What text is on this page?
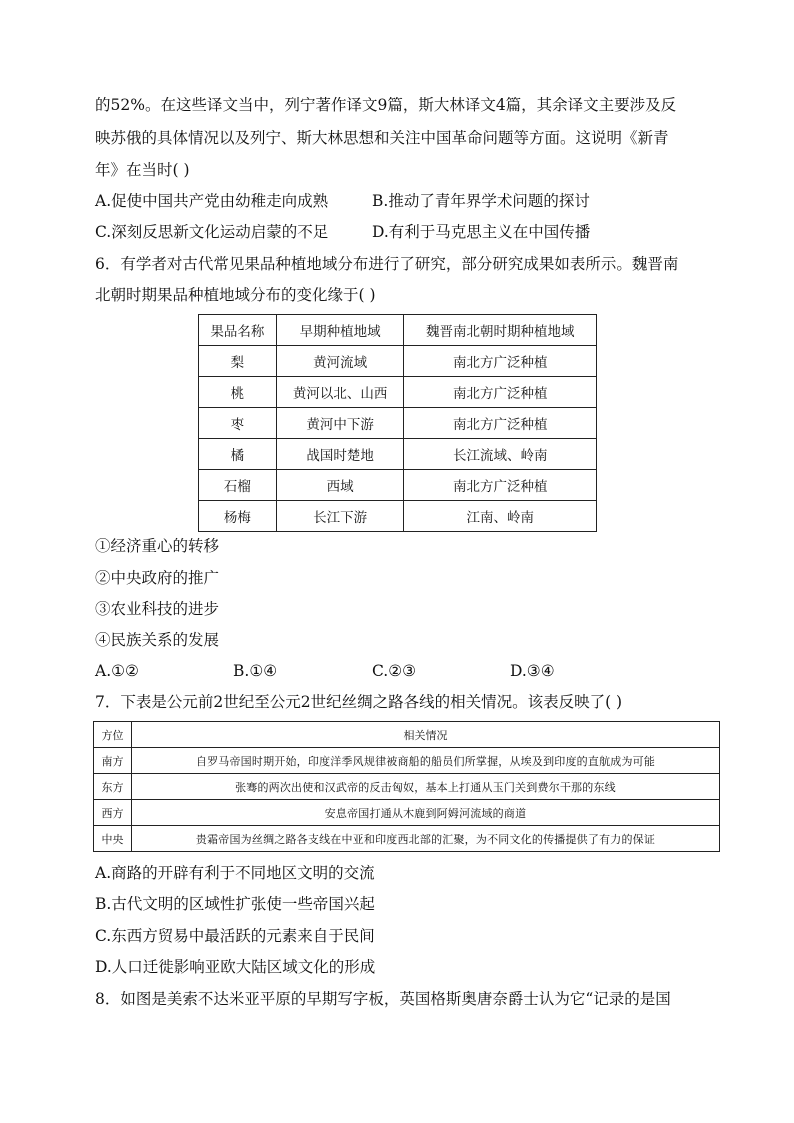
的52%。在这些译文当中，列宁著作译文9篇，斯大林译文4篇，其余译文主要涉及反
映苏俄的具体情况以及列宁、斯大林思想和关注中国革命问题等方面。这说明《新青
年》在当时( )
A.促使中国共产党由幼稚走向成熟	B.推动了青年界学术问题的探讨
C.深刻反思新文化运动启蒙的不足	D.有利于马克思主义在中国传播
6．有学者对古代常见果品种植地域分布进行了研究，部分研究成果如表所示。魏晋南
北朝时期果品种植地域分布的变化缘于( )
果品名称	早期种植地域	魏晋南北朝时期种植地域
梨	黄河流域	南北方广泛种植
桃	黄河以北、山西	南北方广泛种植
枣	黄河中下游	南北方广泛种植
橘	战国时楚地	长江流域、岭南
石榴	西域	南北方广泛种植
杨梅	长江下游	江南、岭南
①经济重心的转移
②中央政府的推广
③农业科技的进步
④民族关系的发展
A.①②	B.①④	C.②③	D.③④
7．下表是公元前2世纪至公元2世纪丝绸之路各线的相关情况。该表反映了( )
方位	相关情况
南方	自罗马帝国时期开始，印度洋季风规律被商船的船员们所掌握，从埃及到印度的直航成为可能
东方	张骞的两次出使和汉武帝的反击匈奴，基本上打通从玉门关到费尔干那的东线
西方	安息帝国打通从木鹿到阿姆河流域的商道
中央	贵霜帝国为丝绸之路各支线在中亚和印度西北部的汇聚，为不同文化的传播提供了有力的保证
A.商路的开辟有利于不同地区文明的交流
B.古代文明的区域性扩张使一些帝国兴起
C.东西方贸易中最活跃的元素来自于民间
D.人口迁徙影响亚欧大陆区域文化的形成
8．如图是美索不达米亚平原的早期写字板，英国格斯奥唐奈爵士认为它“记录的是国
